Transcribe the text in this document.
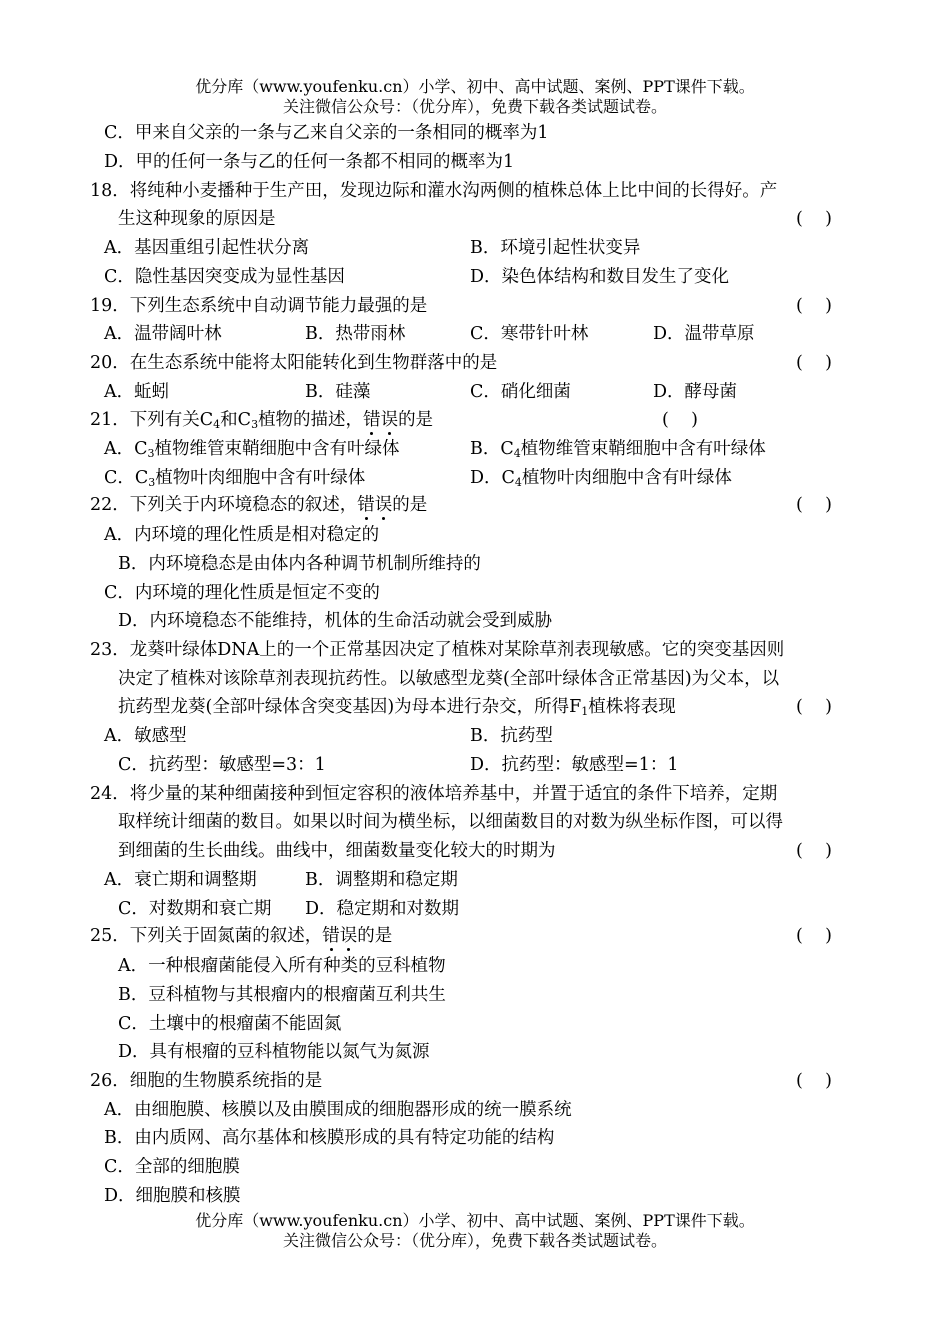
优分库（www.youfenku.cn）小学、初中、高中试题、案例、PPT课件下载。
关注微信公众号：（优分库），免费下载各类试题试卷。
C．甲来自父亲的一条与乙来自父亲的一条相同的概率为1
D．甲的任何一条与乙的任何一条都不相同的概率为1
18．将纯种小麦播种于生产田，发现边际和灌水沟两侧的植株总体上比中间的长得好。产
生这种现象的原因是	(    )
A．基因重组引起性状分离	B．环境引起性状变异
C．隐性基因突变成为显性基因	D．染色体结构和数目发生了变化
19．下列生态系统中自动调节能力最强的是	(    )
A．温带阔叶林	B．热带雨林	C．寒带针叶林	D．温带草原
20．在生态系统中能将太阳能转化到生物群落中的是	(    )
A．蚯蚓	B．硅藻	C．硝化细菌	D．酵母菌
21．下列有关$C_4$和$C_3$植物的描述，错误的是	(    )
A．$C_3$植物维管束鞘细胞中含有叶绿体	B．$C_4$植物维管束鞘细胞中含有叶绿体
C．$C_3$植物叶肉细胞中含有叶绿体	D．$C_4$植物叶肉细胞中含有叶绿体
22．下列关于内环境稳态的叙述，错误的是	(    )
A．内环境的理化性质是相对稳定的
B．内环境稳态是由体内各种调节机制所维持的
C．内环境的理化性质是恒定不变的
D．内环境稳态不能维持，机体的生命活动就会受到威胁
23．龙葵叶绿体DNA上的一个正常基因决定了植株对某除草剂表现敏感。它的突变基因则
决定了植株对该除草剂表现抗药性。以敏感型龙葵(全部叶绿体含正常基因)为父本，以
抗药型龙葵(全部叶绿体含突变基因)为母本进行杂交，所得$F_1$植株将表现	(    )
A．敏感型	B．抗药型
C．抗药型：敏感型=3：1	D．抗药型：敏感型=1：1
24．将少量的某种细菌接种到恒定容积的液体培养基中，并置于适宜的条件下培养，定期
取样统计细菌的数目。如果以时间为横坐标，以细菌数目的对数为纵坐标作图，可以得
到细菌的生长曲线。曲线中，细菌数量变化较大的时期为	(    )
A．衰亡期和调整期	B．调整期和稳定期
C．对数期和衰亡期 D．稳定期和对数期
25．下列关于固氮菌的叙述，错误的是	(    )
A．一种根瘤菌能侵入所有种类的豆科植物
B．豆科植物与其根瘤内的根瘤菌互利共生
C．土壤中的根瘤菌不能固氮
D．具有根瘤的豆科植物能以氮气为氮源
26．细胞的生物膜系统指的是	(    )
A．由细胞膜、核膜以及由膜围成的细胞器形成的统一膜系统
B．由内质网、高尔基体和核膜形成的具有特定功能的结构
C．全部的细胞膜
D．细胞膜和核膜
优分库（www.youfenku.cn）小学、初中、高中试题、案例、PPT课件下载。
关注微信公众号：（优分库），免费下载各类试题试卷。
